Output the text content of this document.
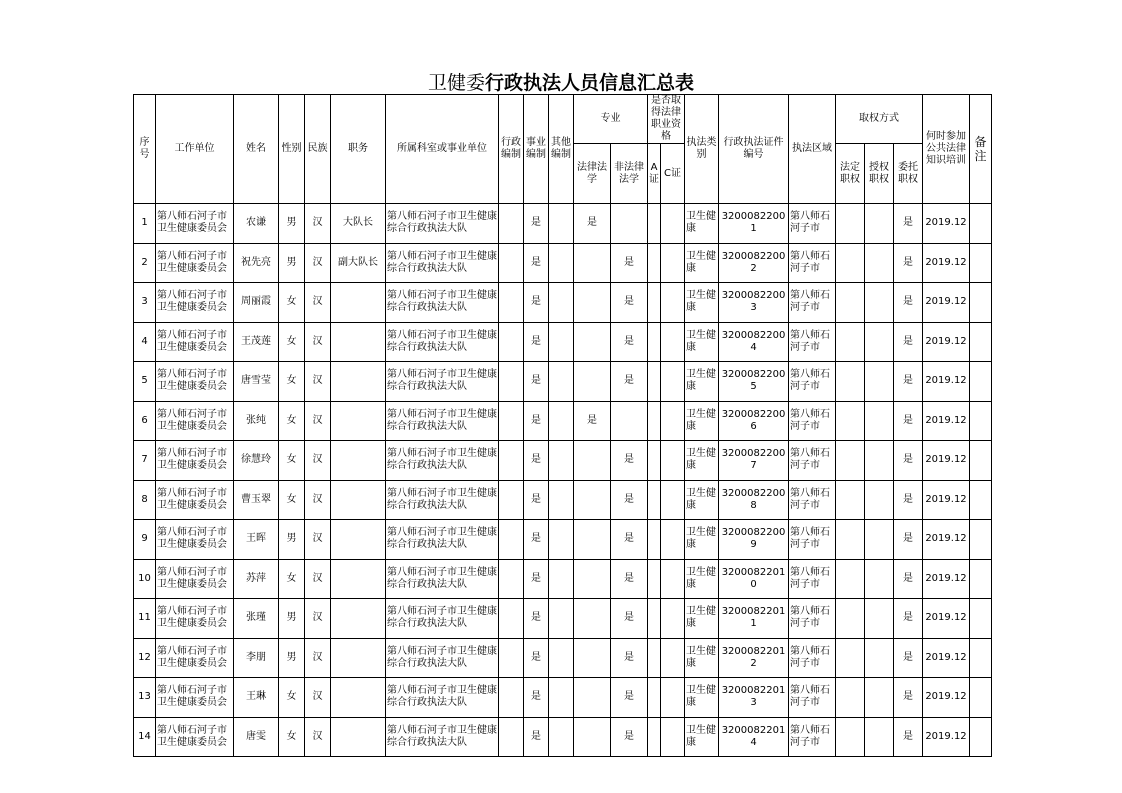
卫健委行政执法人员信息汇总表
序号	工作单位	姓名	性别	民族	职务	所属科室或事业单位	行政编制	事业编制	其他编制	专业		是否取得法律职业资格		执法类别	行政执法证件编号	执法区域	取权方式			何时参加公共法律知识培训	备注
										法律法学	非法律法学	A证	C证				法定职权	授权职权	委托职权		
1	第八师石河子市卫生健康委员会	农谦	男	汉	大队长	第八师石河子市卫生健康综合行政执法大队		是		是				卫生健康	32000822001	第八师石河子市			是	2019.12	
2	第八师石河子市卫生健康委员会	祝先亮	男	汉	副大队长	第八师石河子市卫生健康综合行政执法大队		是			是			卫生健康	32000822002	第八师石河子市			是	2019.12	
3	第八师石河子市卫生健康委员会	周丽霞	女	汉		第八师石河子市卫生健康综合行政执法大队		是			是			卫生健康	32000822003	第八师石河子市			是	2019.12	
4	第八师石河子市卫生健康委员会	王茂莲	女	汉		第八师石河子市卫生健康综合行政执法大队		是			是			卫生健康	32000822004	第八师石河子市			是	2019.12	
5	第八师石河子市卫生健康委员会	唐雪莹	女	汉		第八师石河子市卫生健康综合行政执法大队		是			是			卫生健康	32000822005	第八师石河子市			是	2019.12	
6	第八师石河子市卫生健康委员会	张纯	女	汉		第八师石河子市卫生健康综合行政执法大队		是		是				卫生健康	32000822006	第八师石河子市			是	2019.12	
7	第八师石河子市卫生健康委员会	徐慧玲	女	汉		第八师石河子市卫生健康综合行政执法大队		是			是			卫生健康	32000822007	第八师石河子市			是	2019.12	
8	第八师石河子市卫生健康委员会	曹玉翠	女	汉		第八师石河子市卫生健康综合行政执法大队		是			是			卫生健康	32000822008	第八师石河子市			是	2019.12	
9	第八师石河子市卫生健康委员会	王晖	男	汉		第八师石河子市卫生健康综合行政执法大队		是			是			卫生健康	32000822009	第八师石河子市			是	2019.12	
10	第八师石河子市卫生健康委员会	苏萍	女	汉		第八师石河子市卫生健康综合行政执法大队		是			是			卫生健康	32000822010	第八师石河子市			是	2019.12	
11	第八师石河子市卫生健康委员会	张瑾	男	汉		第八师石河子市卫生健康综合行政执法大队		是			是			卫生健康	32000822011	第八师石河子市			是	2019.12	
12	第八师石河子市卫生健康委员会	李朋	男	汉		第八师石河子市卫生健康综合行政执法大队		是			是			卫生健康	32000822012	第八师石河子市			是	2019.12	
13	第八师石河子市卫生健康委员会	王琳	女	汉		第八师石河子市卫生健康综合行政执法大队		是			是			卫生健康	32000822013	第八师石河子市			是	2019.12	
14	第八师石河子市卫生健康委员会	唐雯	女	汉		第八师石河子市卫生健康综合行政执法大队		是			是			卫生健康	32000822014	第八师石河子市			是	2019.12	
